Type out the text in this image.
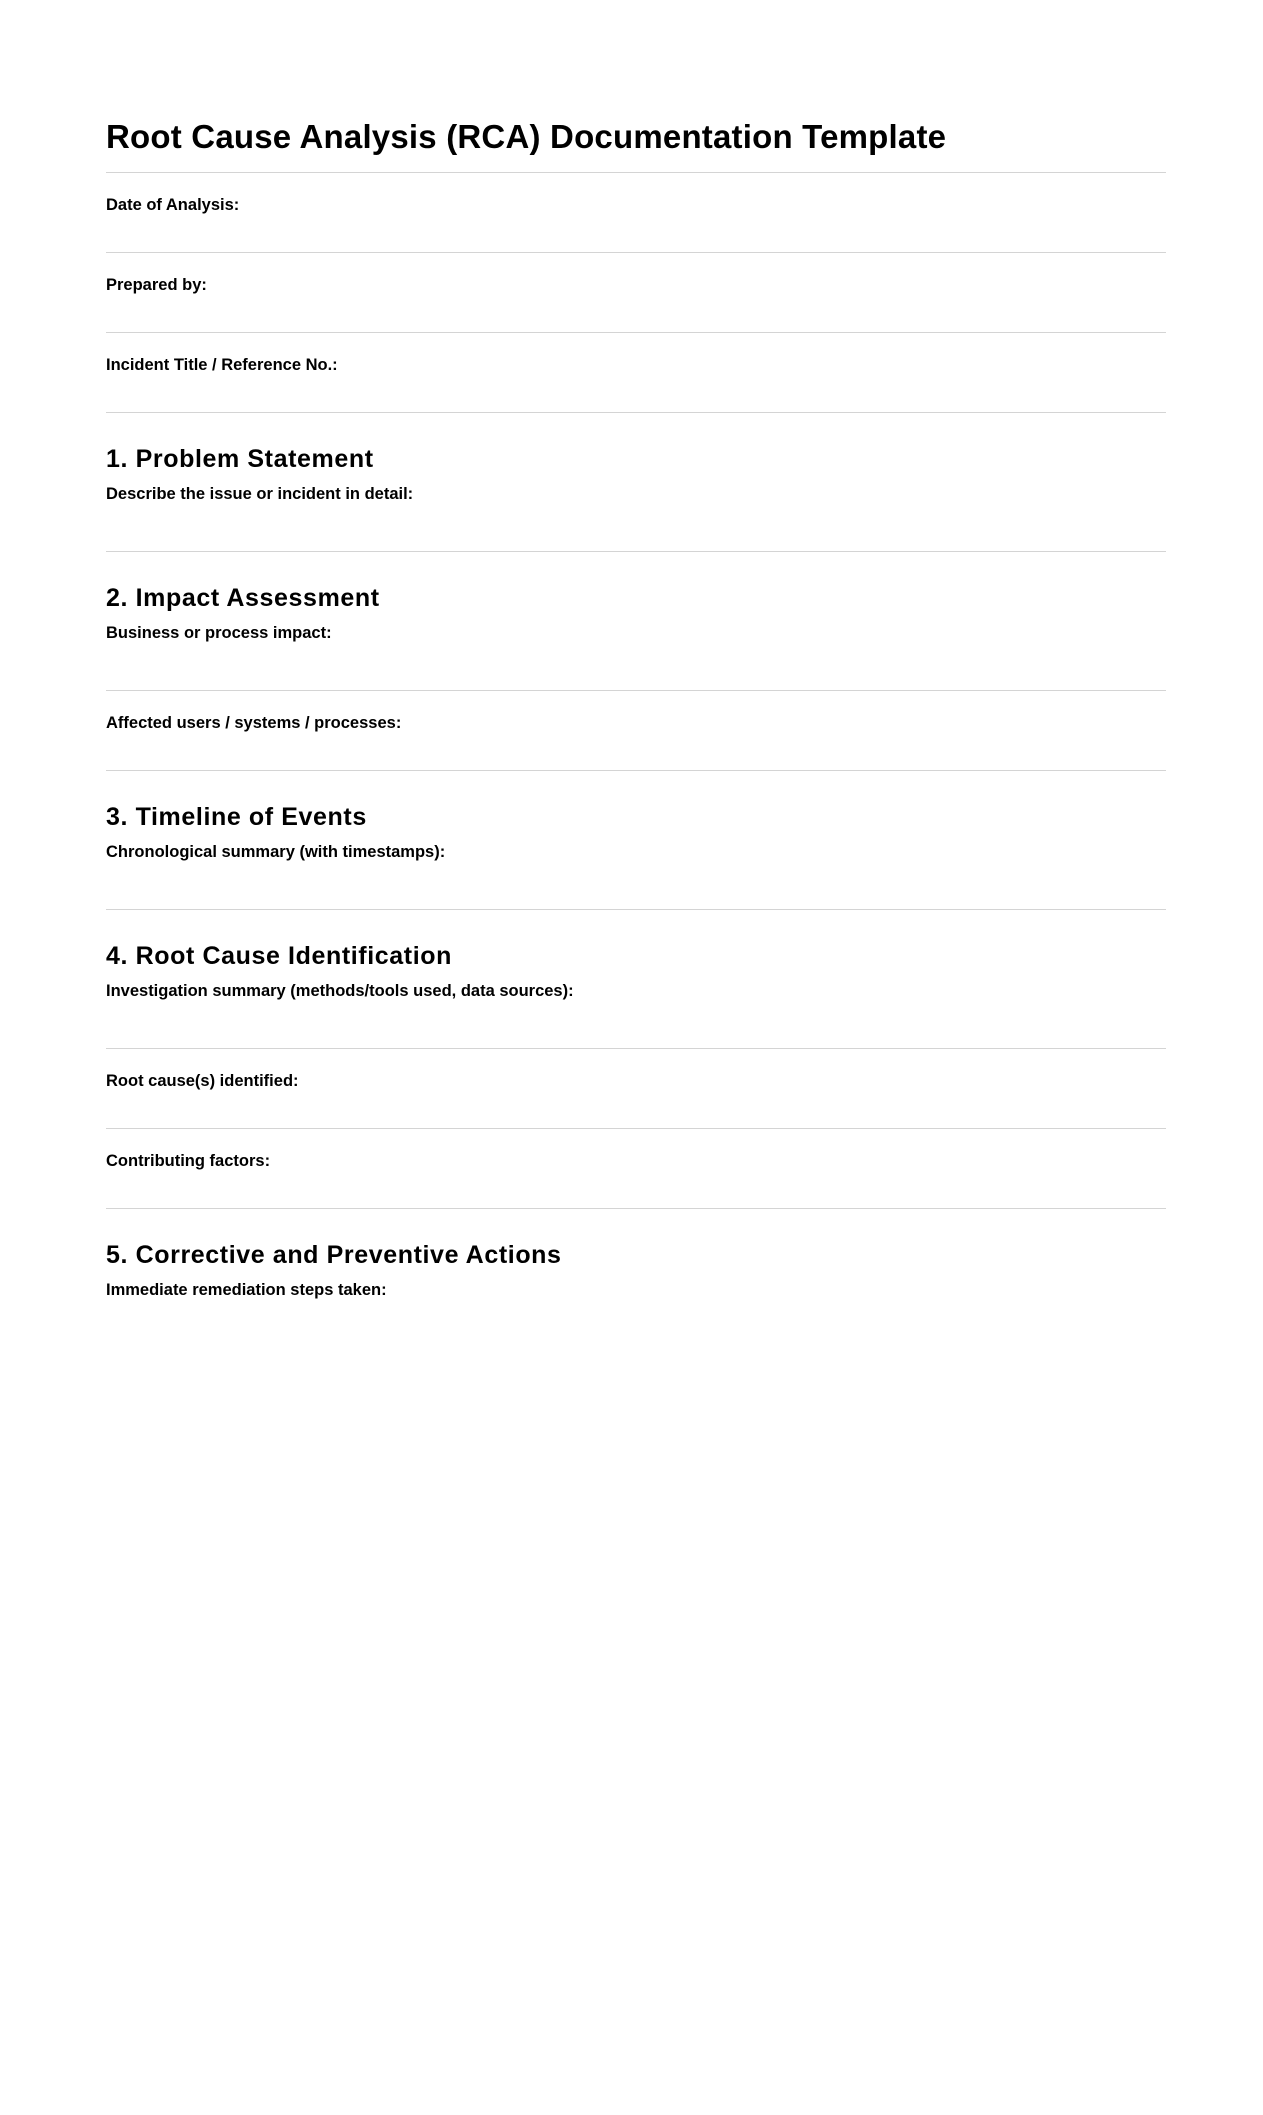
Root Cause Analysis (RCA) Documentation Template
Date of Analysis:
Prepared by:
Incident Title / Reference No.:
1. Problem Statement
Describe the issue or incident in detail:
2. Impact Assessment
Business or process impact:
Affected users / systems / processes:
3. Timeline of Events
Chronological summary (with timestamps):
4. Root Cause Identification
Investigation summary (methods/tools used, data sources):
Root cause(s) identified:
Contributing factors:
5. Corrective and Preventive Actions
Immediate remediation steps taken:
